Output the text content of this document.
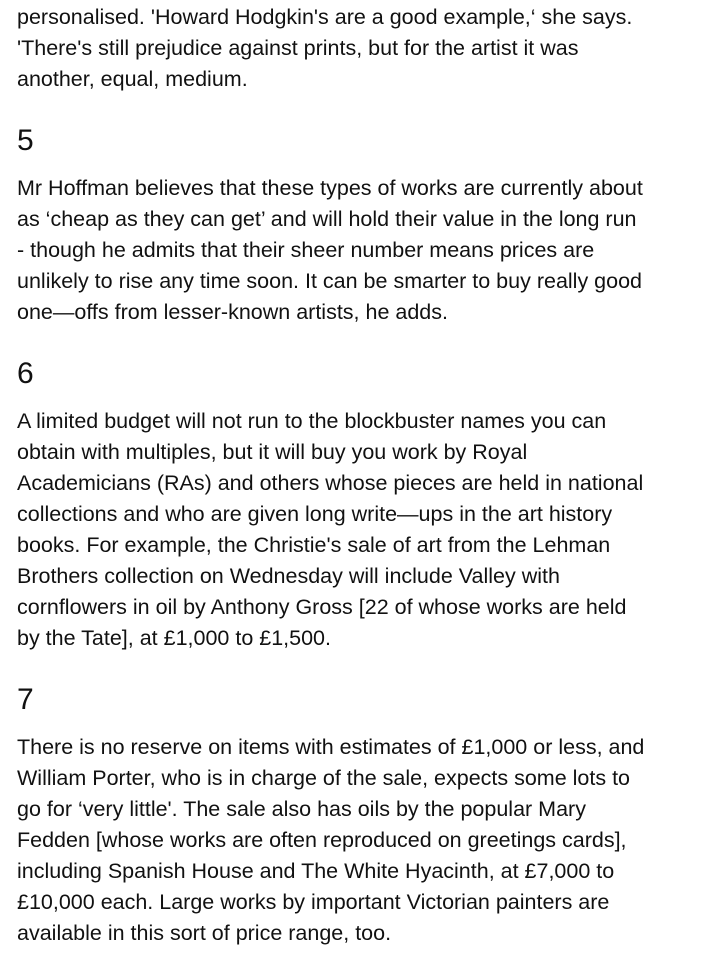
personalised. 'Howard Hodgkin's are a good example,‘ she says.
'There's still prejudice against prints, but for the artist it was
another, equal, medium.

5

Mr Hoffman believes that these types of works are currently about
as ‘cheap as they can get’ and will hold their value in the long run
- though he admits that their sheer number means prices are
unlikely to rise any time soon. It can be smarter to buy really good
one—offs from lesser-known artists, he adds.

6

A limited budget will not run to the blockbuster names you can
obtain with multiples, but it will buy you work by Royal
Academicians (RAs) and others whose pieces are held in national
collections and who are given long write—ups in the art history
books. For example, the Christie's sale of art from the Lehman
Brothers collection on Wednesday will include Valley with
cornflowers in oil by Anthony Gross [22 of whose works are held
by the Tate], at £1,000 to £1,500.

7

There is no reserve on items with estimates of £1,000 or less, and
William Porter, who is in charge of the sale, expects some lots to
go for ‘very little'. The sale also has oils by the popular Mary
Fedden [whose works are often reproduced on greetings cards],
including Spanish House and The White Hyacinth, at £7,000 to
£10,000 each. Large works by important Victorian painters are
available in this sort of price range, too.
